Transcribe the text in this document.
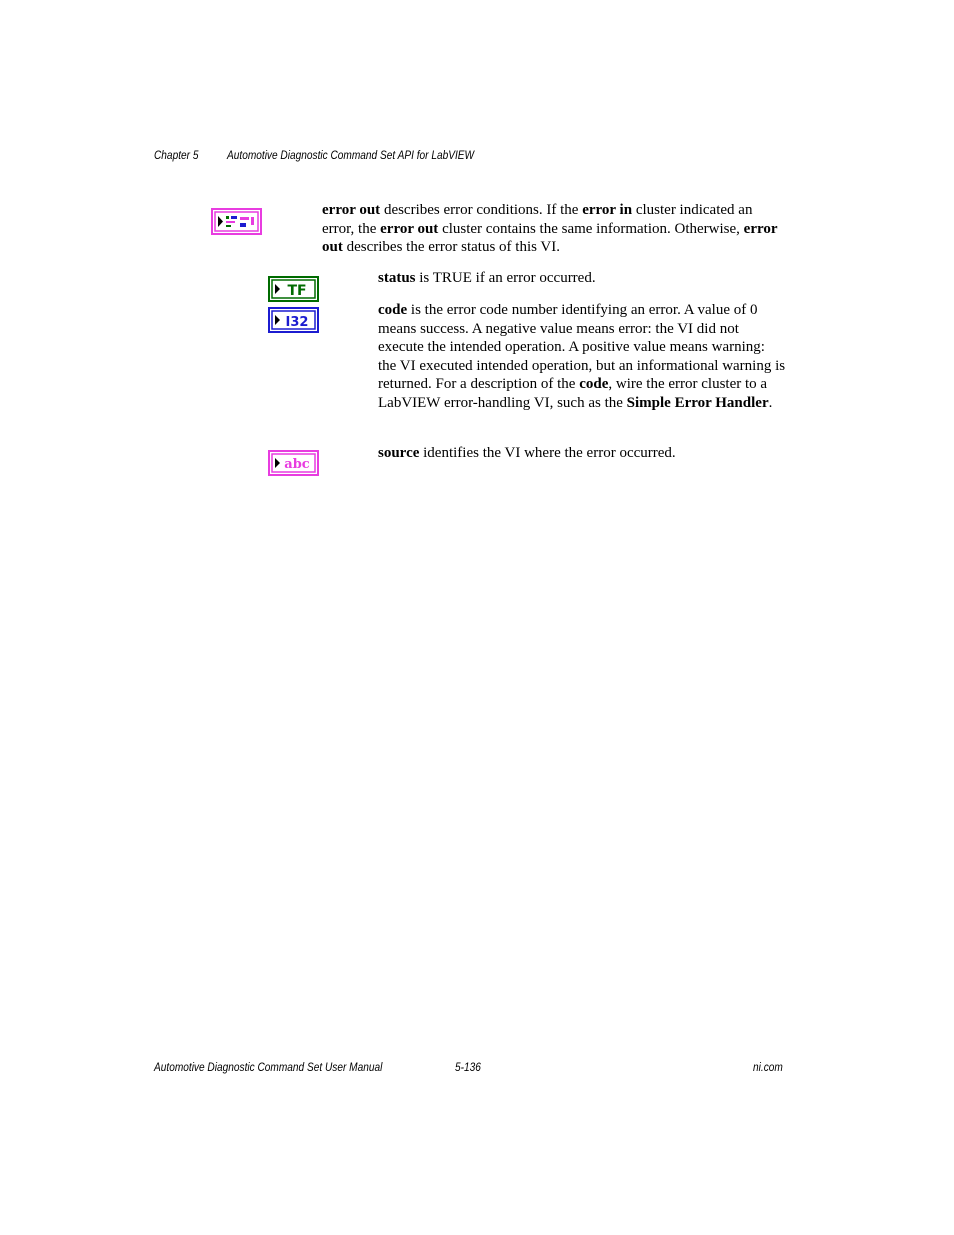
Chapter 5 Automotive Diagnostic Command Set API for LabVIEW
error out describes error conditions. If the error in cluster indicated an error, the error out cluster contains the same information. Otherwise, error out describes the error status of this VI.
TF
status is TRUE if an error occurred.
I32
code is the error code number identifying an error. A value of 0 means success. A negative value means error: the VI did not execute the intended operation. A positive value means warning: the VI executed intended operation, but an informational warning is returned. For a description of the code, wire the error cluster to a LabVIEW error-handling VI, such as the Simple Error Handler.
abc
source identifies the VI where the error occurred.
Automotive Diagnostic Command Set User Manual	5-136	ni.com
